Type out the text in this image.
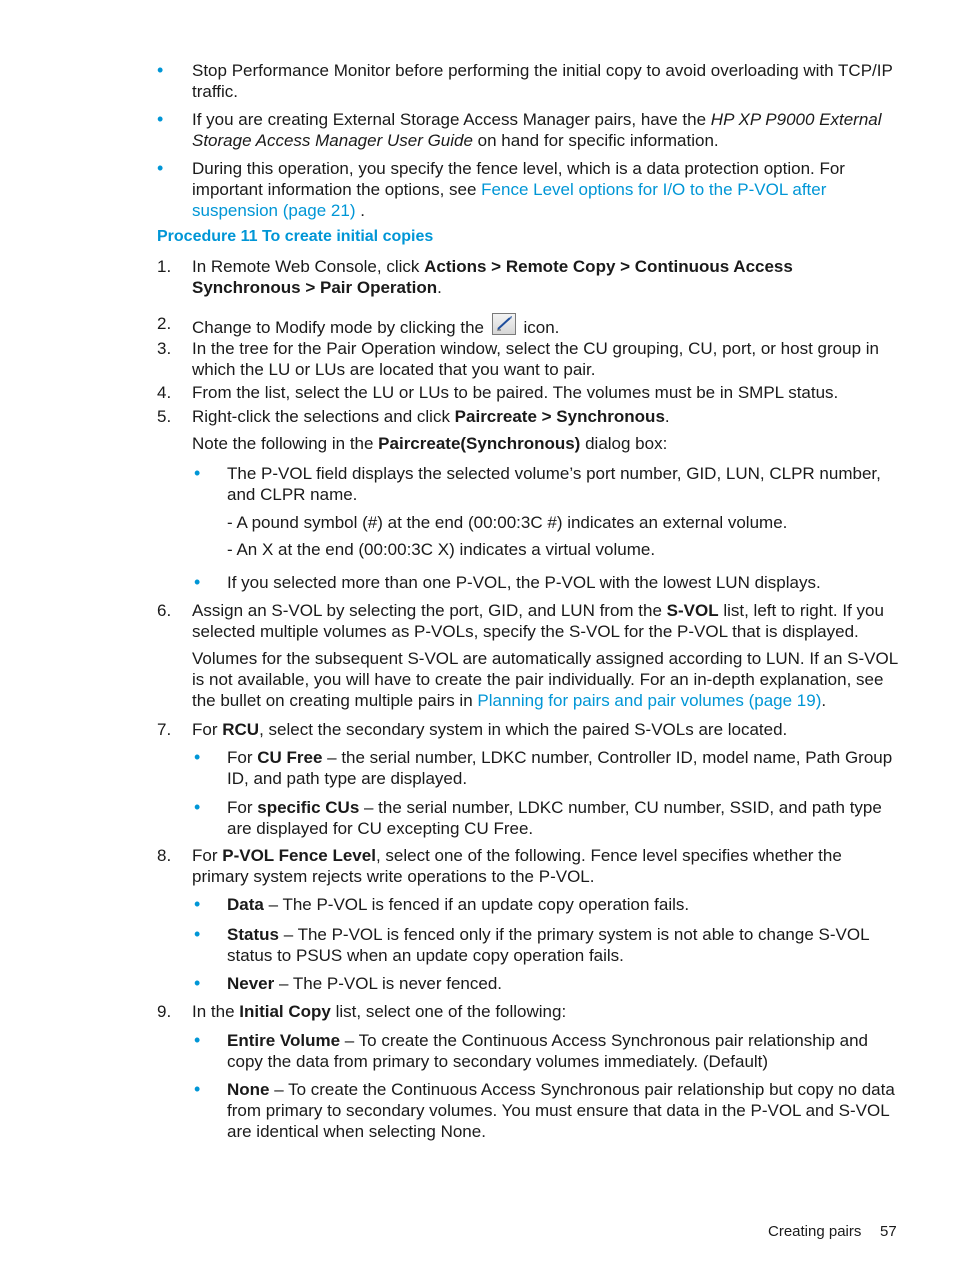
• Stop Performance Monitor before performing the initial copy to avoid overloading with TCP/IP traffic.

• If you are creating External Storage Access Manager pairs, have the HP XP P9000 External Storage Access Manager User Guide on hand for specific information.

• During this operation, you specify the fence level, which is a data protection option. For important information the options, see Fence Level options for I/O to the P-VOL after suspension (page 21) .

Procedure 11 To create initial copies

1.	In Remote Web Console, click Actions > Remote Copy > Continuous Access Synchronous > Pair Operation.

2.	Change to Modify mode by clicking the icon.

3.	In the tree for the Pair Operation window, select the CU grouping, CU, port, or host group in which the LU or LUs are located that you want to pair.

4.	From the list, select the LU or LUs to be paired. The volumes must be in SMPL status.

5.	Right-click the selections and click Paircreate > Synchronous.

Note the following in the Paircreate(Synchronous) dialog box:

• The P-VOL field displays the selected volume’s port number, GID, LUN, CLPR number, and CLPR name.

- A pound symbol (#) at the end (00:00:3C #) indicates an external volume.

- An X at the end (00:00:3C X) indicates a virtual volume.

• If you selected more than one P-VOL, the P-VOL with the lowest LUN displays.

6.	Assign an S-VOL by selecting the port, GID, and LUN from the S-VOL list, left to right. If you selected multiple volumes as P-VOLs, specify the S-VOL for the P-VOL that is displayed.

Volumes for the subsequent S-VOL are automatically assigned according to LUN. If an S-VOL is not available, you will have to create the pair individually. For an in-depth explanation, see the bullet on creating multiple pairs in Planning for pairs and pair volumes (page 19).

7.	For RCU, select the secondary system in which the paired S-VOLs are located.

• For CU Free – the serial number, LDKC number, Controller ID, model name, Path Group ID, and path type are displayed.

• For specific CUs – the serial number, LDKC number, CU number, SSID, and path type are displayed for CU excepting CU Free.

8.	For P-VOL Fence Level, select one of the following. Fence level specifies whether the primary system rejects write operations to the P-VOL.

• Data – The P-VOL is fenced if an update copy operation fails.

• Status – The P-VOL is fenced only if the primary system is not able to change S-VOL status to PSUS when an update copy operation fails.

• Never – The P-VOL is never fenced.

9.	In the Initial Copy list, select one of the following:

• Entire Volume – To create the Continuous Access Synchronous pair relationship and copy the data from primary to secondary volumes immediately. (Default)

• None – To create the Continuous Access Synchronous pair relationship but copy no data from primary to secondary volumes. You must ensure that data in the P-VOL and S-VOL are identical when selecting None.

Creating pairs 57
